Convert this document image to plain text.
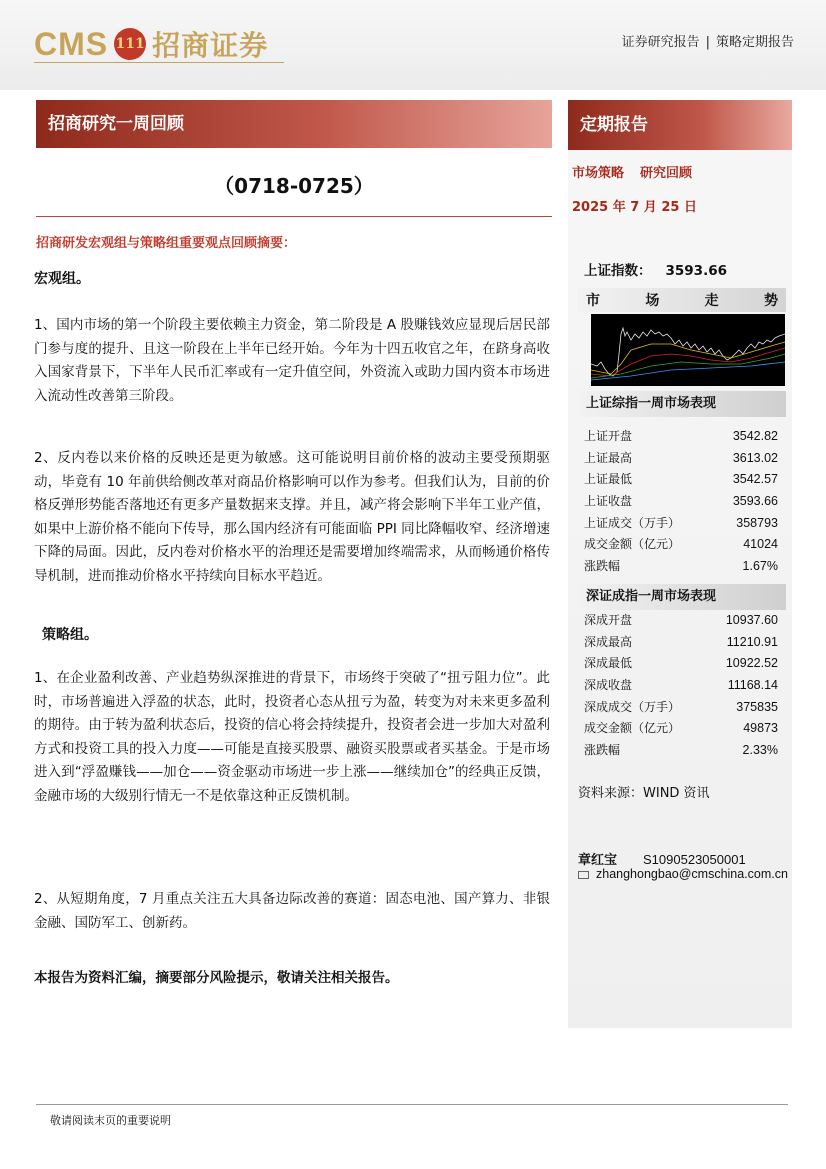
CMS 111 招商证券	证券研究报告 | 策略定期报告
招商研究一周回顾
（0718-0725）
招商研发宏观组与策略组重要观点回顾摘要：
宏观组。

1、国内市场的第一个阶段主要依赖主力资金，第二阶段是 A 股赚钱效应显现后居民部门参与度的提升、且这一阶段在上半年已经开始。今年为十四五收官之年，在跻身高收入国家背景下，下半年人民币汇率或有一定升值空间，外资流入或助力国内资本市场进入流动性改善第三阶段。

2、反内卷以来价格的反映还是更为敏感。这可能说明目前价格的波动主要受预期驱动，毕竟有 10 年前供给侧改革对商品价格影响可以作为参考。但我们认为，目前的价格反弹形势能否落地还有更多产量数据来支撑。并且，减产将会影响下半年工业产值，如果中上游价格不能向下传导，那么国内经济有可能面临 PPI 同比降幅收窄、经济增速下降的局面。因此，反内卷对价格水平的治理还是需要增加终端需求，从而畅通价格传导机制，进而推动价格水平持续向目标水平趋近。

策略组。

1、在企业盈利改善、产业趋势纵深推进的背景下，市场终于突破了“扭亏阻力位”。此时，市场普遍进入浮盈的状态，此时，投资者心态从扭亏为盈，转变为对未来更多盈利的期待。由于转为盈利状态后，投资的信心将会持续提升，投资者会进一步加大对盈利方式和投资工具的投入力度——可能是直接买股票、融资买股票或者买基金。于是市场进入到“浮盈赚钱——加仓——资金驱动市场进一步上涨——继续加仓”的经典正反馈，金融市场的大级别行情无一不是依靠这种正反馈机制。

2、从短期角度，7 月重点关注五大具备边际改善的赛道：固态电池、国产算力、非银金融、国防军工、创新药。

本报告为资料汇编，摘要部分风险提示，敬请关注相关报告。
定期报告
市场策略 研究回顾
2025 年 7 月 25 日
上证指数： 3593.66
市	场	走	势
上证综指一周市场表现
上证开盘	3542.82
上证最高	3613.02
上证最低	3542.57
上证收盘	3593.66
上证成交（万手）	358793
成交金额（亿元）	41024
涨跌幅	1.67%
深证成指一周市场表现
深成开盘	10937.60
深成最高	11210.91
深成最低	10922.52
深成收盘	11168.14
深成成交（万手）	375835
成交金额（亿元）	49873
涨跌幅	2.33%
资料来源：WIND 资讯
章红宝 S1090523050001
zhanghongbao@cmschina.com.cn
敬请阅读末页的重要说明
